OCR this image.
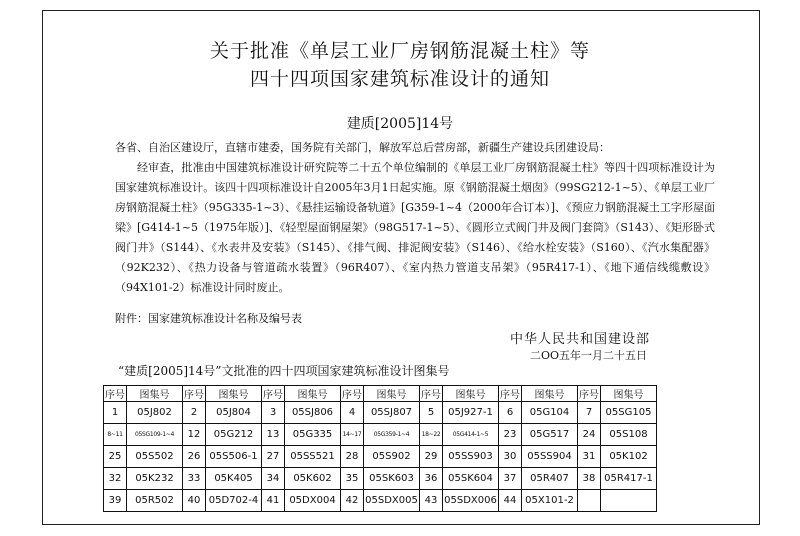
关于批准《单层工业厂房钢筋混凝土柱》等
四十四项国家建筑标准设计的通知
建质[2005]14号
各省、自治区建设厅，直辖市建委，国务院有关部门，解放军总后营房部，新疆生产建设兵团建设局：
经审查，批准由中国建筑标准设计研究院等二十五个单位编制的《单层工业厂房钢筋混凝土柱》等四十四项标准设计为国家建筑标准设计。该四十四项标准设计自2005年3月1日起实施。原《钢筋混凝土烟囱》（99SG212-1~5）、《单层工业厂房钢筋混凝土柱》（95G335-1~3）、《悬挂运输设备轨道》[G359-1~4（2000年合订本）]、《预应力钢筋混凝土工字形屋面梁》[G414-1~5（1975年版）]、《轻型屋面钢屋架》（98G517-1~5）、《圆形立式阀门井及阀门套筒》（S143）、《矩形卧式阀门井》（S144）、《水表井及安装》（S145）、《排气阀、排泥阀安装》（S146）、《给水栓安装》（S160）、《汽水集配器》（92K232）、《热力设备与管道疏水装置》（96R407）、《室内热力管道支吊架》（95R417-1）、《地下通信线缆敷设》（94X101-2）标准设计同时废止。
附件：国家建筑标准设计名称及编号表
中华人民共和国建设部
二OO五年一月二十五日
“建质[2005]14号”文批准的四十四项国家建筑标准设计图集号
序号	图集号	序号	图集号	序号	图集号	序号	图集号	序号	图集号	序号	图集号	序号	图集号
1	05J802	2	05J804	3	05SJ806	4	05SJ807	5	05J927-1	6	05G104	7	05SG105
8~11	05SG109-1~4	12	05G212	13	05G335	14~17	05G359-1~4	18~22	05G414-1~5	23	05G517	24	05S108
25	05S502	26	05S506-1	27	05SS521	28	05S902	29	05SS903	30	05SS904	31	05K102
32	05K232	33	05K405	34	05K602	35	05SK603	36	05SK604	37	05R407	38	05R417-1
39	05R502	40	05D702-4	41	05DX004	42	05SDX005	43	05SDX006	44	05X101-2		
